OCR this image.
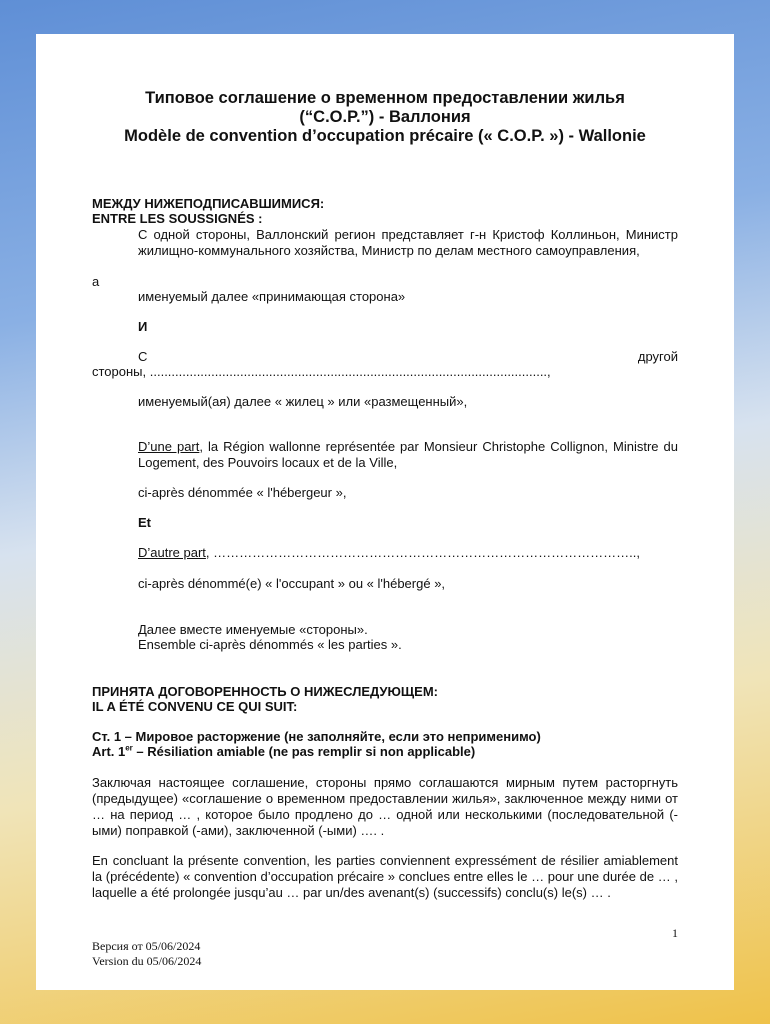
Типовое соглашение о временном предоставлении жилья
(“C.O.P.”) - Валлония
Modèle de convention d’occupation précaire (« C.O.P. ») - Wallonie
МЕЖДУ НИЖЕПОДПИСАВШИМИСЯ:
ENTRE LES SOUSSIGNÉS :
С одной стороны, Валлонский регион представляет г-н Кристоф Коллиньон, Министр жилищно-коммунального хозяйства, Министр по делам местного самоуправления,
а
именуемый далее «принимающая сторона»
И
С	другой
стороны, ..............................................................................................................,
именуемый(ая) далее « жилец » или «размещенный»,
D’une part, la Région wallonne représentée par Monsieur Christophe Collignon, Ministre du Logement, des Pouvoirs locaux et de la Ville,
ci-après dénommée « l'hébergeur »,
Et
D’autre part, ……………………………………………………………………………………..,
ci-après dénommé(e) « l'occupant » ou « l'hébergé »,
Далее вместе именуемые «стороны».
Ensemble ci-après dénommés « les parties ».
ПРИНЯТА ДОГОВОРЕННОСТЬ О НИЖЕСЛЕДУЮЩЕМ:
IL A ÉTÉ CONVENU CE QUI SUIT:
Ст. 1 – Мировое расторжение (не заполняйте, если это неприменимо)
Art. 1er – Résiliation amiable (ne pas remplir si non applicable)
Заключая настоящее соглашение, стороны прямо соглашаются мирным путем расторгнуть (предыдущее) «соглашение о временном предоставлении жилья», заключенное между ними от … на период … , которое было продлено до … одной или несколькими (последовательной (-ыми) поправкой (-ами), заключенной (-ыми) …. .
En concluant la présente convention, les parties conviennent expressément de résilier amiablement la (précédente) « convention d’occupation précaire » conclues entre elles le … pour une durée de … , laquelle a été prolongée jusqu’au … par un/des avenant(s) (successifs) conclu(s) le(s) … .
1
Версия от 05/06/2024
Version du 05/06/2024
